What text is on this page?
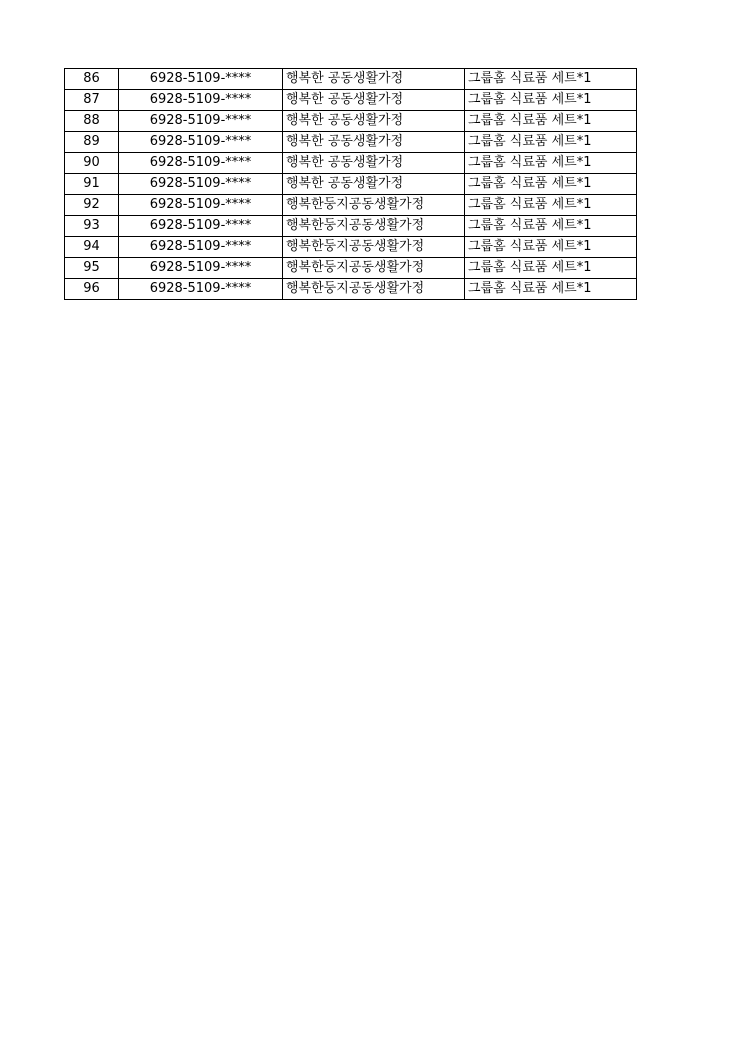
86	6928-5109-****	행복한 공동생활가정	그룹홈 식료품 세트*1
87	6928-5109-****	행복한 공동생활가정	그룹홈 식료품 세트*1
88	6928-5109-****	행복한 공동생활가정	그룹홈 식료품 세트*1
89	6928-5109-****	행복한 공동생활가정	그룹홈 식료품 세트*1
90	6928-5109-****	행복한 공동생활가정	그룹홈 식료품 세트*1
91	6928-5109-****	행복한 공동생활가정	그룹홈 식료품 세트*1
92	6928-5109-****	행복한둥지공동생활가정	그룹홈 식료품 세트*1
93	6928-5109-****	행복한둥지공동생활가정	그룹홈 식료품 세트*1
94	6928-5109-****	행복한둥지공동생활가정	그룹홈 식료품 세트*1
95	6928-5109-****	행복한둥지공동생활가정	그룹홈 식료품 세트*1
96	6928-5109-****	행복한둥지공동생활가정	그룹홈 식료품 세트*1
